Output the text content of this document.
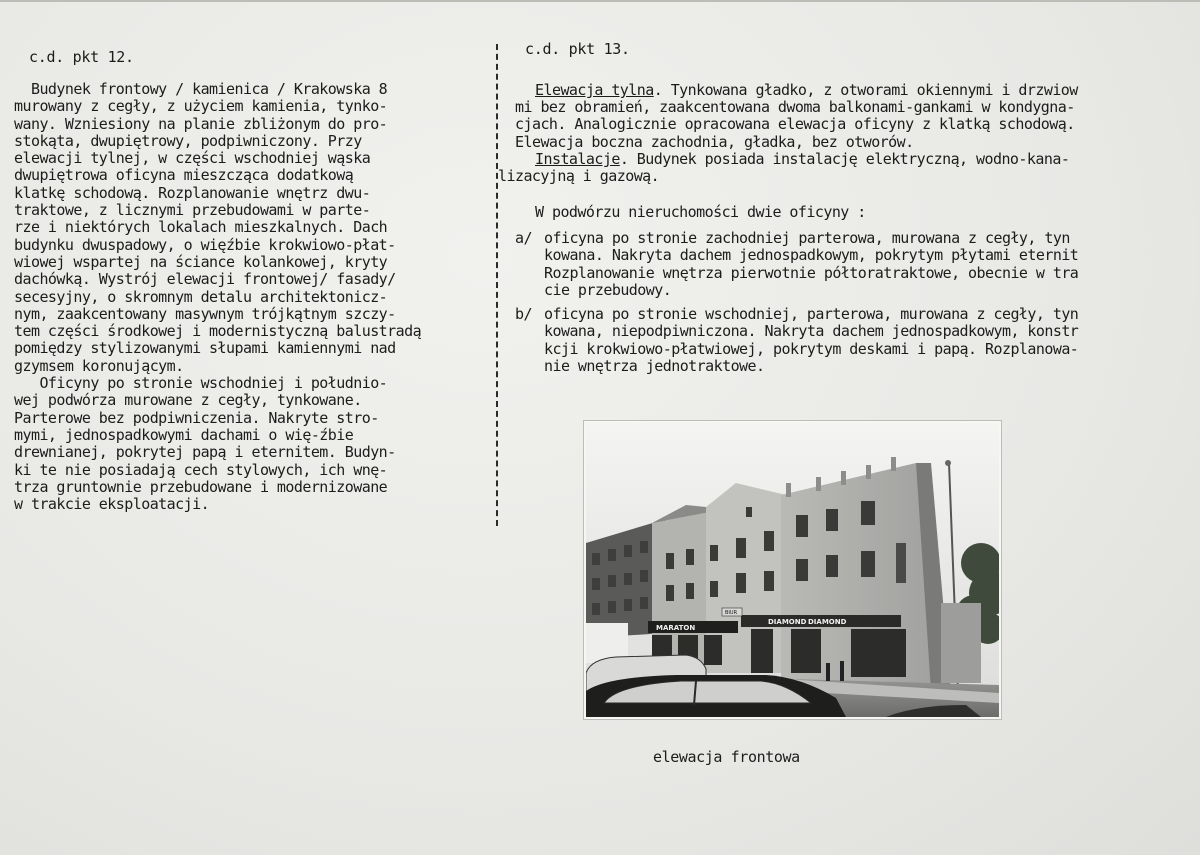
c.d. pkt 12.
Budynek frontowy / kamienica / Krakowska 8
murowany z cegły, z użyciem kamienia, tynko-
wany. Wzniesiony na planie zbliżonym do pro-
stokąta, dwupiętrowy, podpiwniczony. Przy
elewacji tylnej, w części wschodniej wąska
dwupiętrowa oficyna mieszcząca dodatkową
klatkę schodową. Rozplanowanie wnętrz dwu-
traktowe, z licznymi przebudowami w parte-
rze i niektórych lokalach mieszkalnych. Dach
budynku dwuspadowy, o więźbie krokwiowo-płat-
wiowej wspartej na ściance kolankowej, kryty
dachówką. Wystrój elewacji frontowej/ fasady/
secesyjny, o skromnym detalu architektonicz-
nym, zaakcentowany masywnym trójkątnym szczy-
tem części środkowej i modernistyczną balustradą
pomiędzy stylizowanymi słupami kamiennymi nad
gzymsem koronującym.
Oficyny po stronie wschodniej i południo-
wej podwórza murowane z cegły, tynkowane.
Parterowe bez podpiwniczenia. Nakryte stro-
mymi, jednospadkowymi dachami o wię-źbie
drewnianej, pokrytej papą i eternitem. Budyn-
ki te nie posiadają cech stylowych, ich wnę-
trza gruntownie przebudowane i modernizowane
w trakcie eksploatacji.
c.d. pkt 13.
Elewacja tylna. Tynkowana gładko, z otworami okiennymi i drzwiow
mi bez obramień, zaakcentowana dwoma balkonami-gankami w kondygna-
cjach. Analogicznie opracowana elewacja oficyny z klatką schodową.
Elewacja boczna zachodnia, gładka, bez otworów.
Instalacje. Budynek posiada instalację elektryczną, wodno-kana-
lizacyjną i gazową.
W podwórzu nieruchomości dwie oficyny :
a/ oficyna po stronie zachodniej parterowa, murowana z cegły, tyn
kowana. Nakryta dachem jednospadkowym, pokrytym płytami eternit
Rozplanowanie wnętrza pierwotnie półtoratraktowe, obecnie w tra
cie przebudowy.
b/ oficyna po stronie wschodniej, parterowa, murowana z cegły, tyn
kowana, niepodpiwniczona. Nakryta dachem jednospadkowym, konstr
kcji krokwiowo-płatwiowej, pokrytym deskami i papą. Rozplanowa-
nie wnętrza jednotraktowe.
MARATON
DIAMOND DIAMOND
BIUR
elewacja frontowa
